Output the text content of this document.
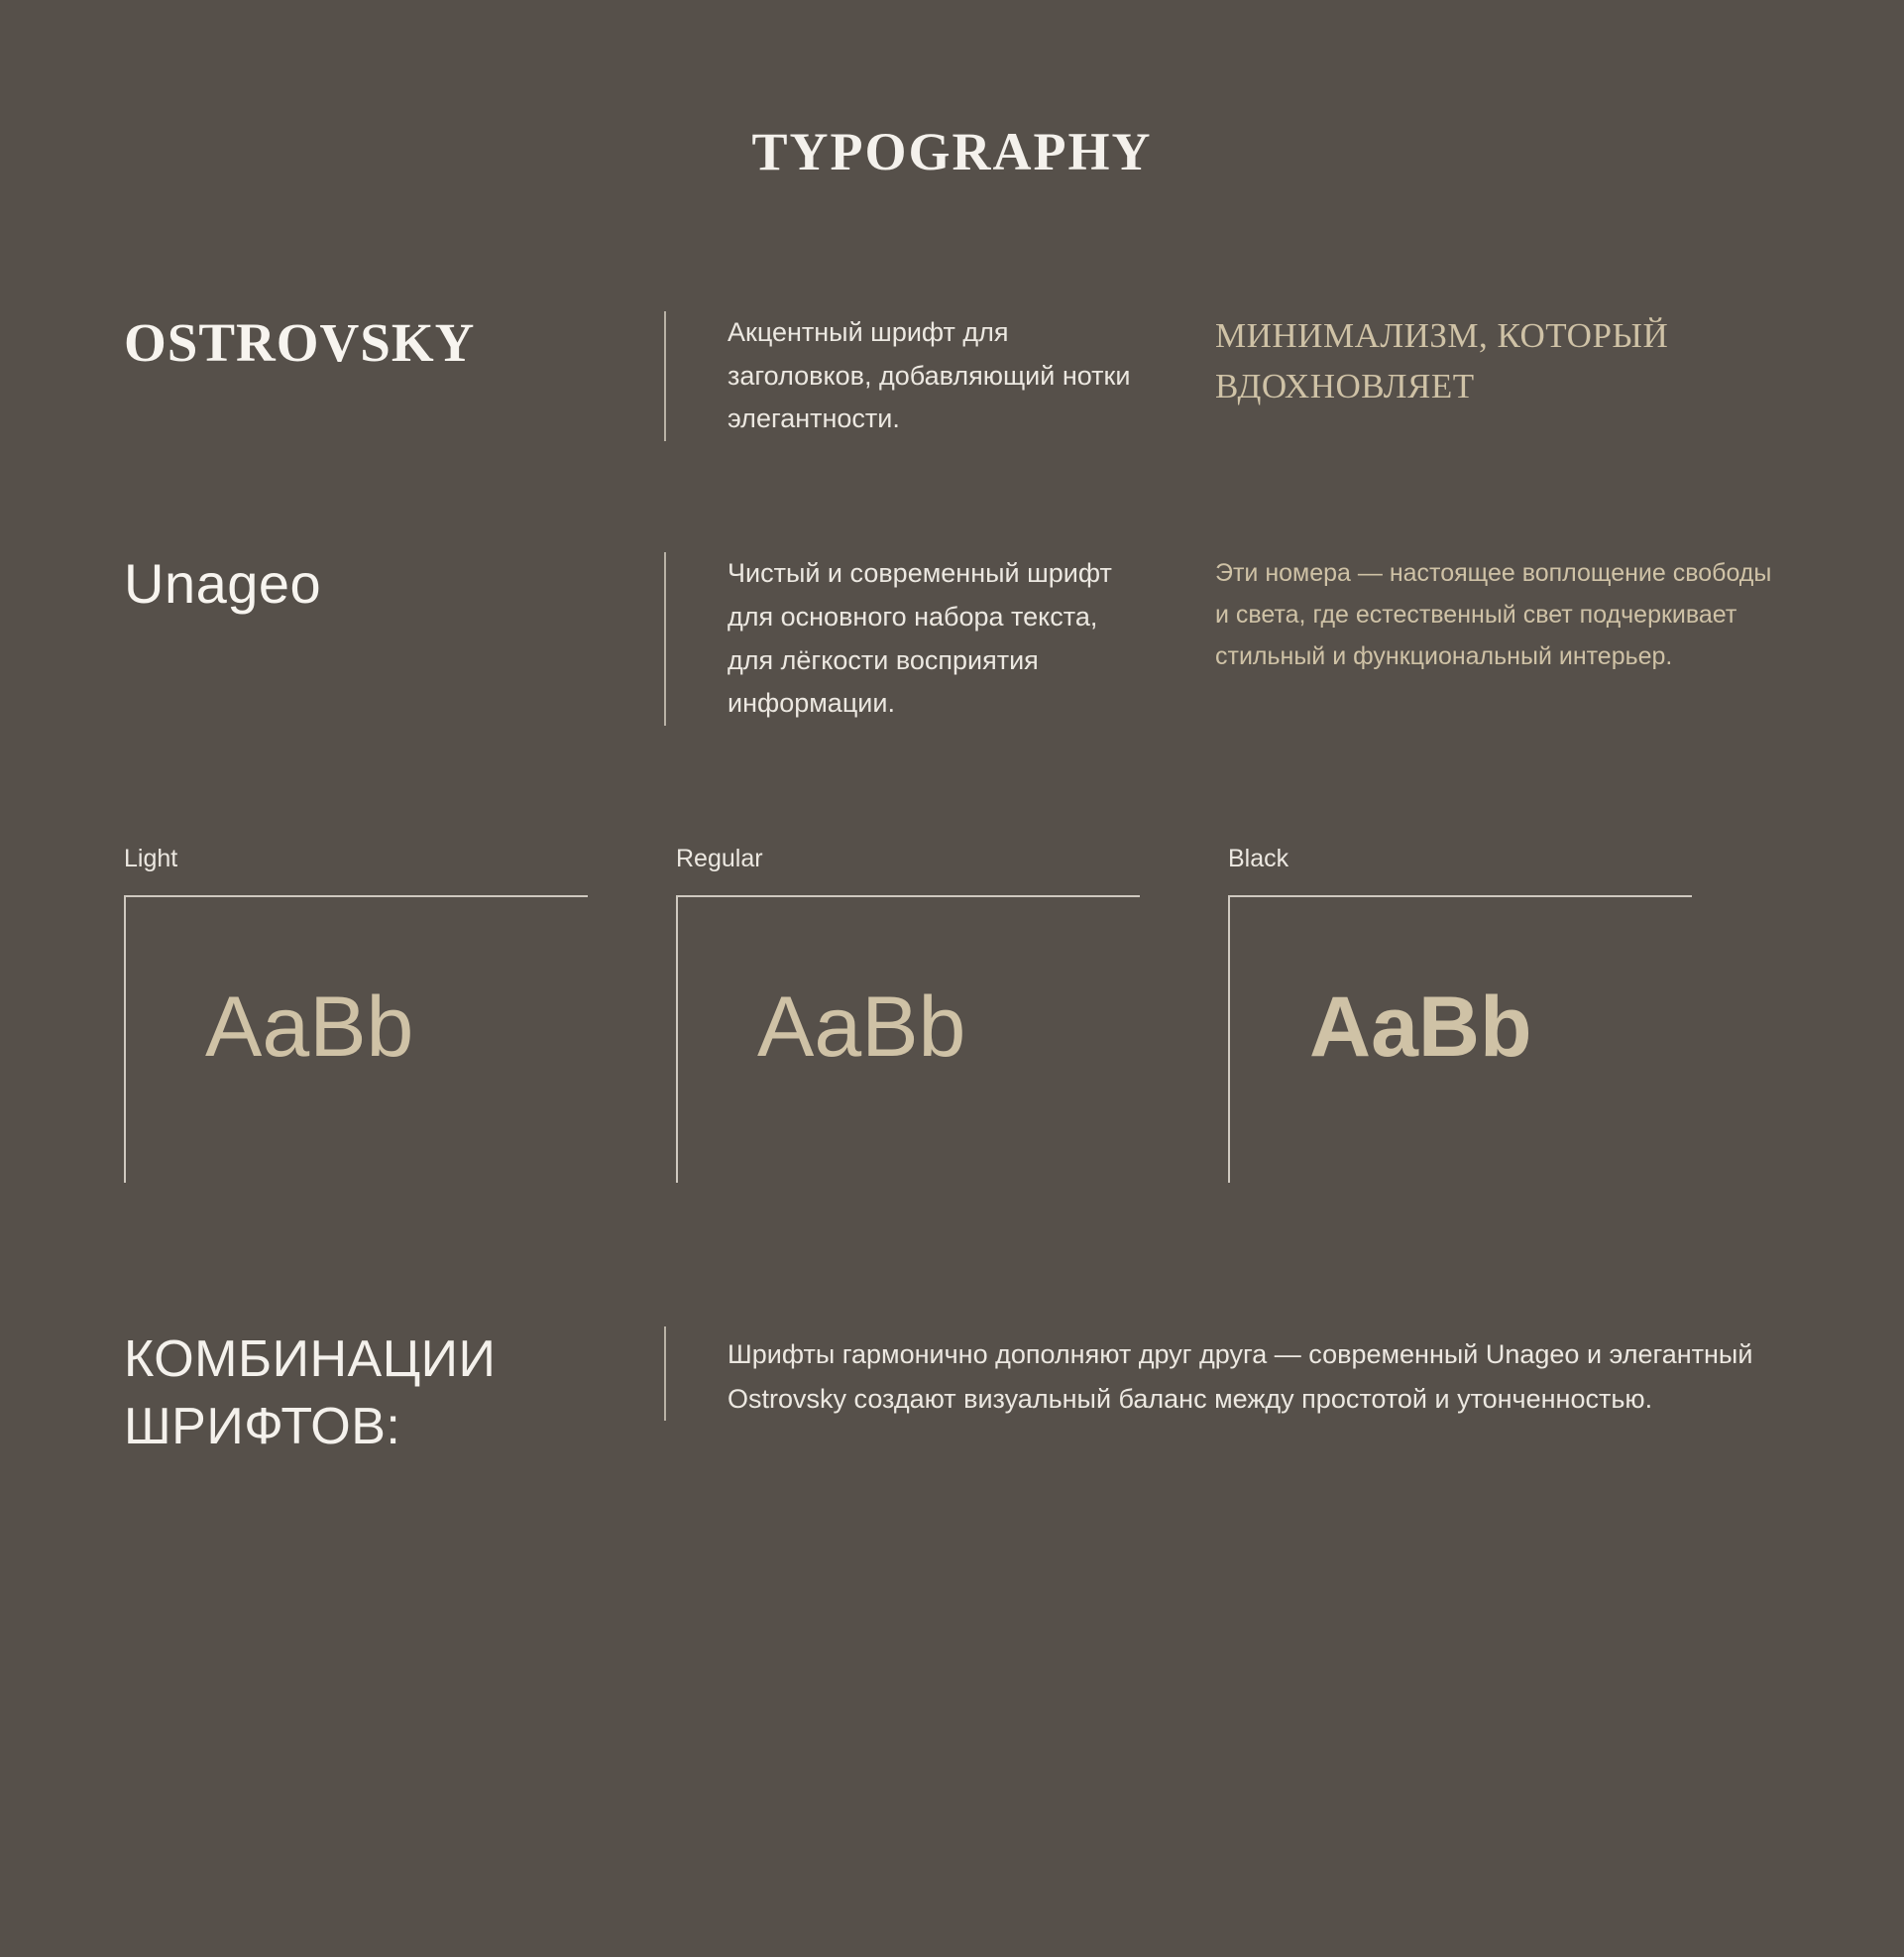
TYPOGRAPHY
OSTROVSKY	Акцентный шрифт для заголовков, добавляющий нотки элегантности.
МИНИМАЛИЗМ, КОТОРЫЙ ВДОХНОВЛЯЕТ
Unageo	Чистый и современный шрифт для основного набора текста, для лёгкости восприятия информации.
Эти номера — настоящее воплощение свободы и света, где естественный свет подчеркивает стильный и функциональный интерьер.
Light
AaBb
Regular
AaBb
Black
AaBb
КОМБИНАЦИИ ШРИФТОВ:
Шрифты гармонично дополняют друг друга — современный Unageo и элегантный Ostrovsky создают визуальный баланс между простотой и утонченностью.
